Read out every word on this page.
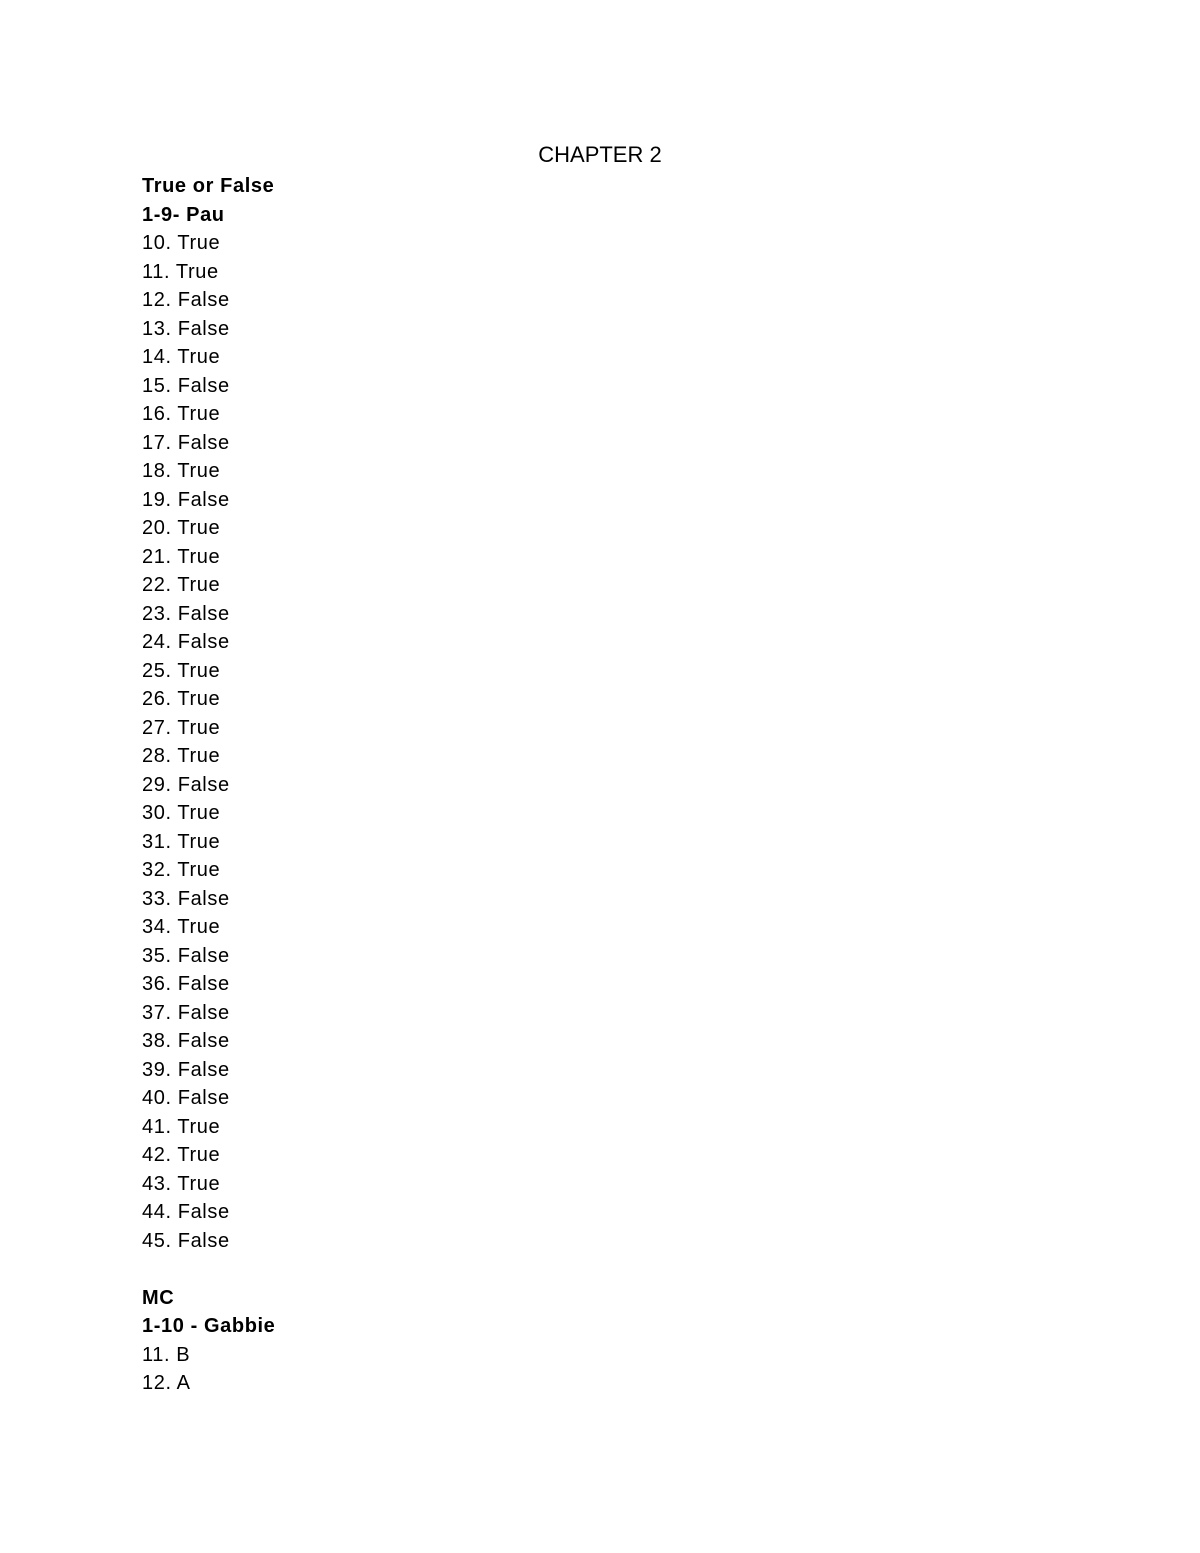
CHAPTER 2
True or False
1-9- Pau
10. True
11. True
12. False
13. False
14. True
15. False
16. True
17. False
18. True
19. False
20. True
21. True
22. True
23. False
24. False
25. True
26. True
27. True
28. True
29. False
30. True
31. True
32. True
33. False
34. True
35. False
36. False
37. False
38. False
39. False
40. False
41. True
42. True
43. True
44. False
45. False
MC
1-10 - Gabbie
11. B
12. A
